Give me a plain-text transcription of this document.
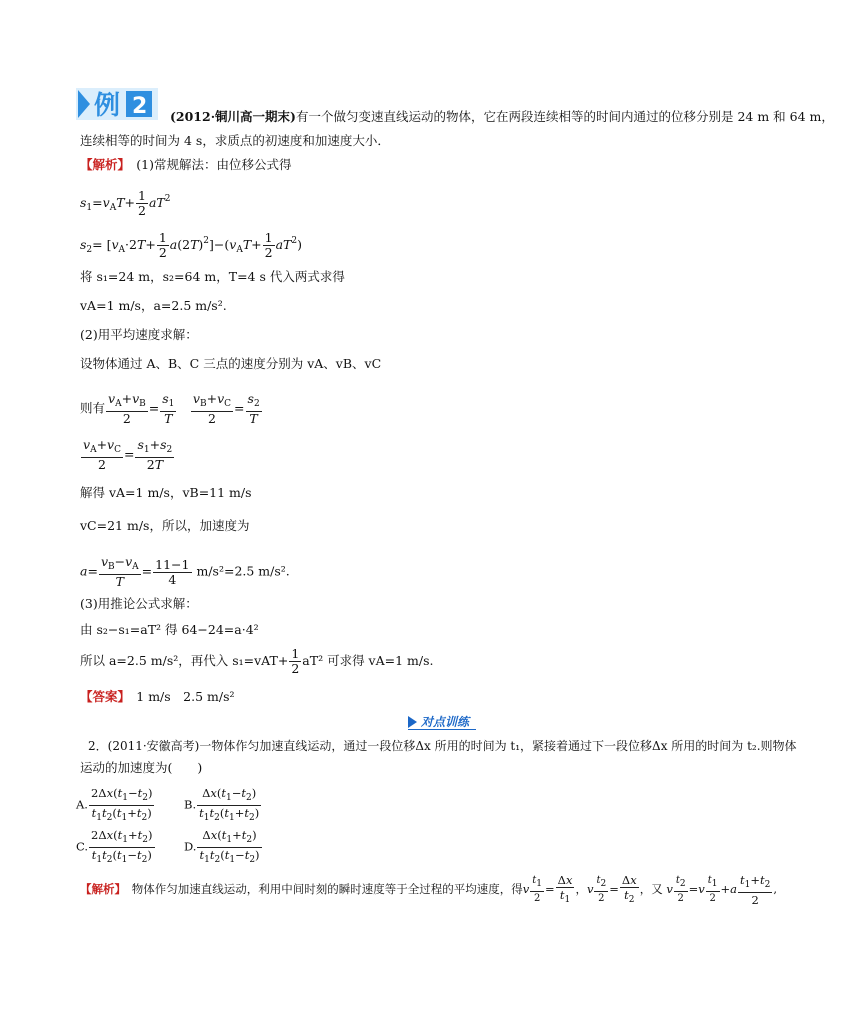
例 2 (2012·铜川高一期末)有一个做匀变速直线运动的物体，它在两段连续相等的时间内通过的位移分别是 24 m 和 64 m，
连续相等的时间为 4 s，求质点的初速度和加速度大小．
【解析】　 (1)常规解法：由位移公式得
$s_1=v_AT+ \frac{1}{2} aT^2$
$s_2= [v_A\cdot 2T+ \frac{1}{2} a(2T)^2]-(v_AT+ \frac{1}{2} aT^2)$
将 s₁=24 m，s₂=64 m，T=4 s 代入两式求得
vA=1 m/s，a=2.5 m/s².
(2)用平均速度求解：
设物体通过 A、B、C 三点的速度分别为 vA、vB、vC
则有 $\frac{v_A+v_B}{2} = \frac{s_1}{T}$
　 $\frac{v_B+v_C}{2} = \frac{s_2}{T}$
$\frac{v_A+v_C}{2} = \frac{s_1+s_2}{2T}$
解得 vA=1 m/s，vB=11 m/s
vC=21 m/s，所以，加速度为
$a= \frac{v_B-v_A}{T} = \frac{11-1}{4} m/s^2=2.5$ m/s².
(3)用推论公式求解：
由 s₂−s₁=aT² 得 64−24=a·4²
所以 a=2.5 m/s²，再代入 $s_1=vAT+ \frac{1}{2} aT^2$ 可求得 vA=1 m/s.
【答案】　 1 m/s　2.5 m/s²
对点训练
2．(2011·安徽高考)一物体作匀加速直线运动，通过一段位移Δx 所用的时间为 t₁，紧接着通过下一段位移Δx 所用的时间为 t₂.则物体
运动的加速度为(　　)
A. $\frac{2\Delta x(t_1-t_2)}{t_1t_2(t_1+t_2)}$	B. $\frac{\Delta x(t_1-t_2)}{t_1t_2(t_1+t_2)}$
C. $\frac{2\Delta x(t_1+t_2)}{t_1t_2(t_1-t_2)}$	D. $\frac{\Delta x(t_1+t_2)}{t_1t_2(t_1-t_2)}$
【解析】　 物体作匀加速直线运动，利用中间时刻的瞬时速度等于全过程的平均速度，得v $\frac{t1}{2} = \frac{\Delta x}{t_1}$ ，v $\frac{t2}{2} = \frac{\Delta x}{t_2}$ ，又 v $\frac{t2}{2} =v \frac{t1}{2} +a \frac{t_1+t_2}{2}$ ,
